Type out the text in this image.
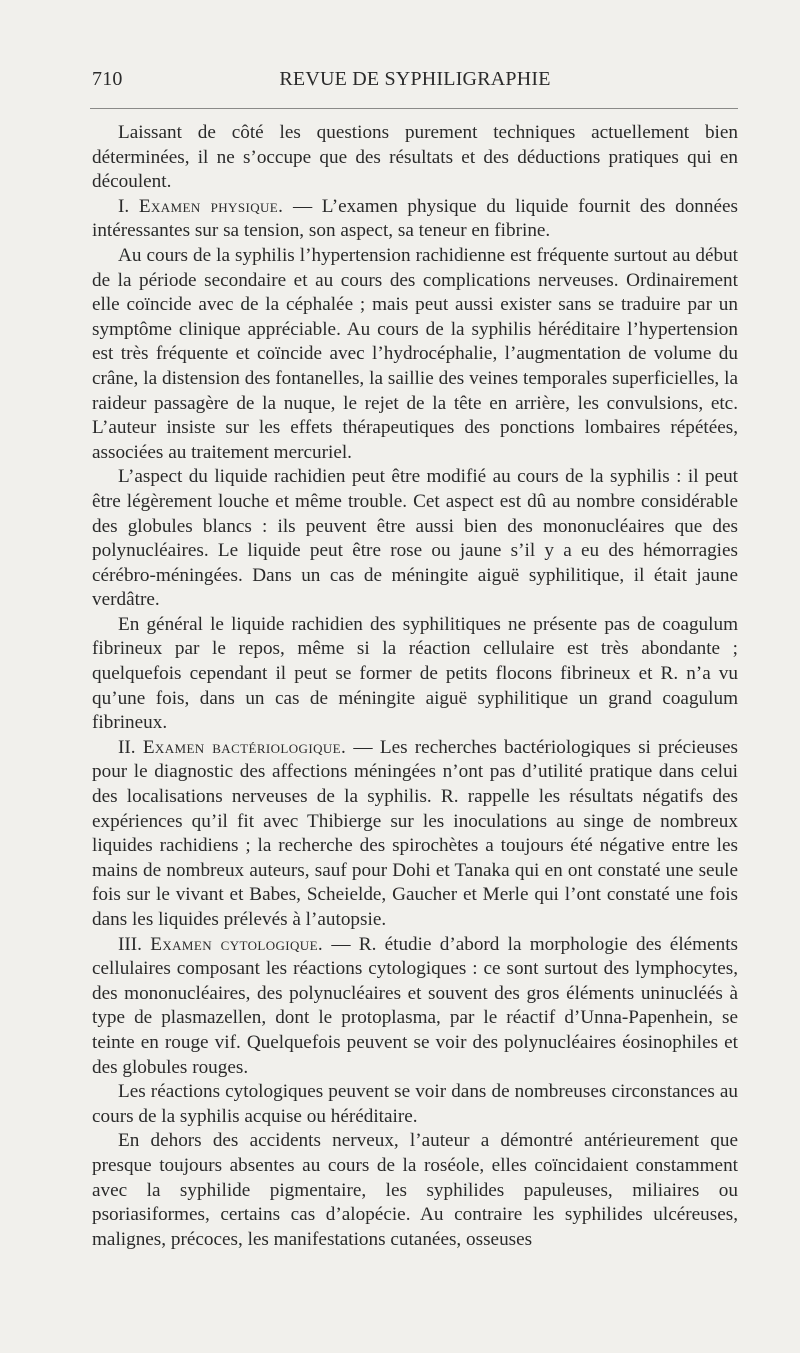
710	REVUE DE SYPHILIGRAPHIE

Laissant de côté les questions purement techniques actuellement bien déterminées, il ne s’occupe que des résultats et des déductions pratiques qui en découlent.

I. Examen physique. — L’examen physique du liquide fournit des données intéressantes sur sa tension, son aspect, sa teneur en fibrine.

Au cours de la syphilis l’hypertension rachidienne est fréquente surtout au début de la période secondaire et au cours des complications nerveuses. Ordinairement elle coïncide avec de la céphalée ; mais peut aussi exister sans se traduire par un symptôme clinique appréciable. Au cours de la syphilis héréditaire l’hypertension est très fréquente et coïncide avec l’hydrocéphalie, l’augmentation de volume du crâne, la distension des fontanelles, la saillie des veines temporales superficielles, la raideur passagère de la nuque, le rejet de la tête en arrière, les convulsions, etc. L’auteur insiste sur les effets thérapeutiques des ponctions lombaires répétées, associées au traitement mercuriel.

L’aspect du liquide rachidien peut être modifié au cours de la syphilis : il peut être légèrement louche et même trouble. Cet aspect est dû au nombre considérable des globules blancs : ils peuvent être aussi bien des mononucléaires que des polynucléaires. Le liquide peut être rose ou jaune s’il y a eu des hémorragies cérébro-méningées. Dans un cas de méningite aiguë syphilitique, il était jaune verdâtre.

En général le liquide rachidien des syphilitiques ne présente pas de coagulum fibrineux par le repos, même si la réaction cellulaire est très abondante ; quelquefois cependant il peut se former de petits flocons fibrineux et R. n’a vu qu’une fois, dans un cas de méningite aiguë syphilitique un grand coagulum fibrineux.

II. Examen bactériologique. — Les recherches bactériologiques si précieuses pour le diagnostic des affections méningées n’ont pas d’utilité pratique dans celui des localisations nerveuses de la syphilis. R. rappelle les résultats négatifs des expériences qu’il fit avec Thibierge sur les inoculations au singe de nombreux liquides rachidiens ; la recherche des spirochètes a toujours été négative entre les mains de nombreux auteurs, sauf pour Dohi et Tanaka qui en ont constaté une seule fois sur le vivant et Babes, Scheielde, Gaucher et Merle qui l’ont constaté une fois dans les liquides prélevés à l’autopsie.

III. Examen cytologique. — R. étudie d’abord la morphologie des éléments cellulaires composant les réactions cytologiques : ce sont surtout des lymphocytes, des mononucléaires, des polynucléaires et souvent des gros éléments uninucléés à type de plasmazellen, dont le protoplasma, par le réactif d’Unna-Papenhein, se teinte en rouge vif. Quelquefois peuvent se voir des polynucléaires éosinophiles et des globules rouges.

Les réactions cytologiques peuvent se voir dans de nombreuses circonstances au cours de la syphilis acquise ou héréditaire.

En dehors des accidents nerveux, l’auteur a démontré antérieurement que presque toujours absentes au cours de la roséole, elles coïncidaient constamment avec la syphilide pigmentaire, les syphilides papuleuses, miliaires ou psoriasiformes, certains cas d’alopécie. Au contraire les syphilides ulcéreuses, malignes, précoces, les manifestations cutanées, osseuses
